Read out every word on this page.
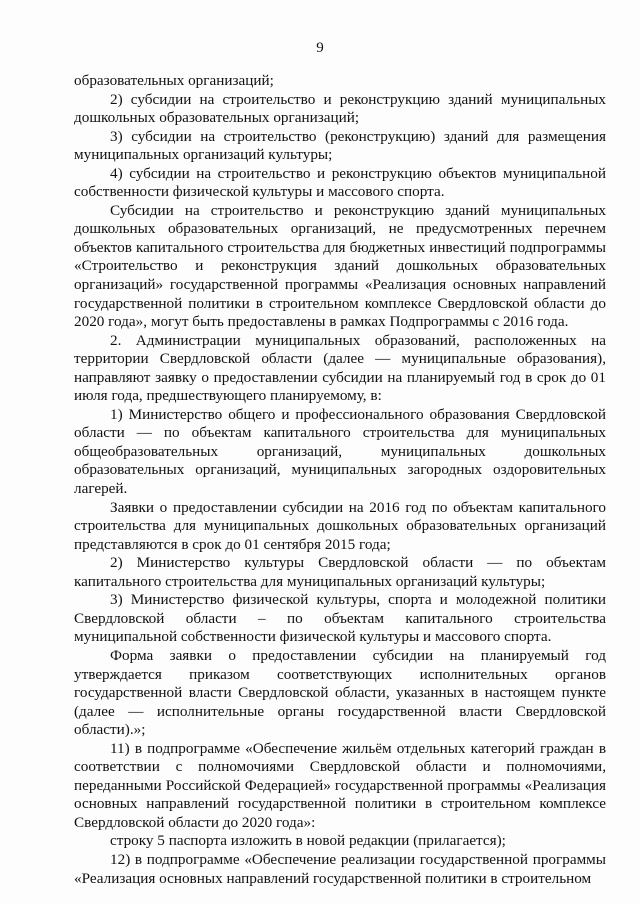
9

образовательных организаций;

2) субсидии на строительство и реконструкцию зданий муниципальных дошкольных образовательных организаций;

3) субсидии на строительство (реконструкцию) зданий для размещения муниципальных организаций культуры;

4) субсидии на строительство и реконструкцию объектов муниципальной собственности физической культуры и массового спорта.

Субсидии на строительство и реконструкцию зданий муниципальных дошкольных образовательных организаций, не предусмотренных перечнем объектов капитального строительства для бюджетных инвестиций подпрограммы «Строительство и реконструкция зданий дошкольных образовательных организаций» государственной программы «Реализация основных направлений государственной политики в строительном комплексе Свердловской области до 2020 года», могут быть предоставлены в рамках Подпрограммы с 2016 года.

2. Администрации муниципальных образований, расположенных на территории Свердловской области (далее — муниципальные образования), направляют заявку о предоставлении субсидии на планируемый год в срок до 01 июля года, предшествующего планируемому, в:

1) Министерство общего и профессионального образования Свердловской области — по объектам капитального строительства для муниципальных общеобразовательных организаций, муниципальных дошкольных образовательных организаций, муниципальных загородных оздоровительных лагерей.

Заявки о предоставлении субсидии на 2016 год по объектам капитального строительства для муниципальных дошкольных образовательных организаций представляются в срок до 01 сентября 2015 года;

2) Министерство культуры Свердловской области — по объектам капитального строительства для муниципальных организаций культуры;

3) Министерство физической культуры, спорта и молодежной политики Свердловской области – по объектам капитального строительства муниципальной собственности физической культуры и массового спорта.

Форма заявки о предоставлении субсидии на планируемый год утверждается приказом соответствующих исполнительных органов государственной власти Свердловской области, указанных в настоящем пункте (далее — исполнительные органы государственной власти Свердловской области).»;

11) в подпрограмме «Обеспечение жильём отдельных категорий граждан в соответствии с полномочиями Свердловской области и полномочиями, переданными Российской Федерацией» государственной программы «Реализация основных направлений государственной политики в строительном комплексе Свердловской области до 2020 года»:

строку 5 паспорта изложить в новой редакции (прилагается);

12) в подпрограмме «Обеспечение реализации государственной программы «Реализация основных направлений государственной политики в строительном
